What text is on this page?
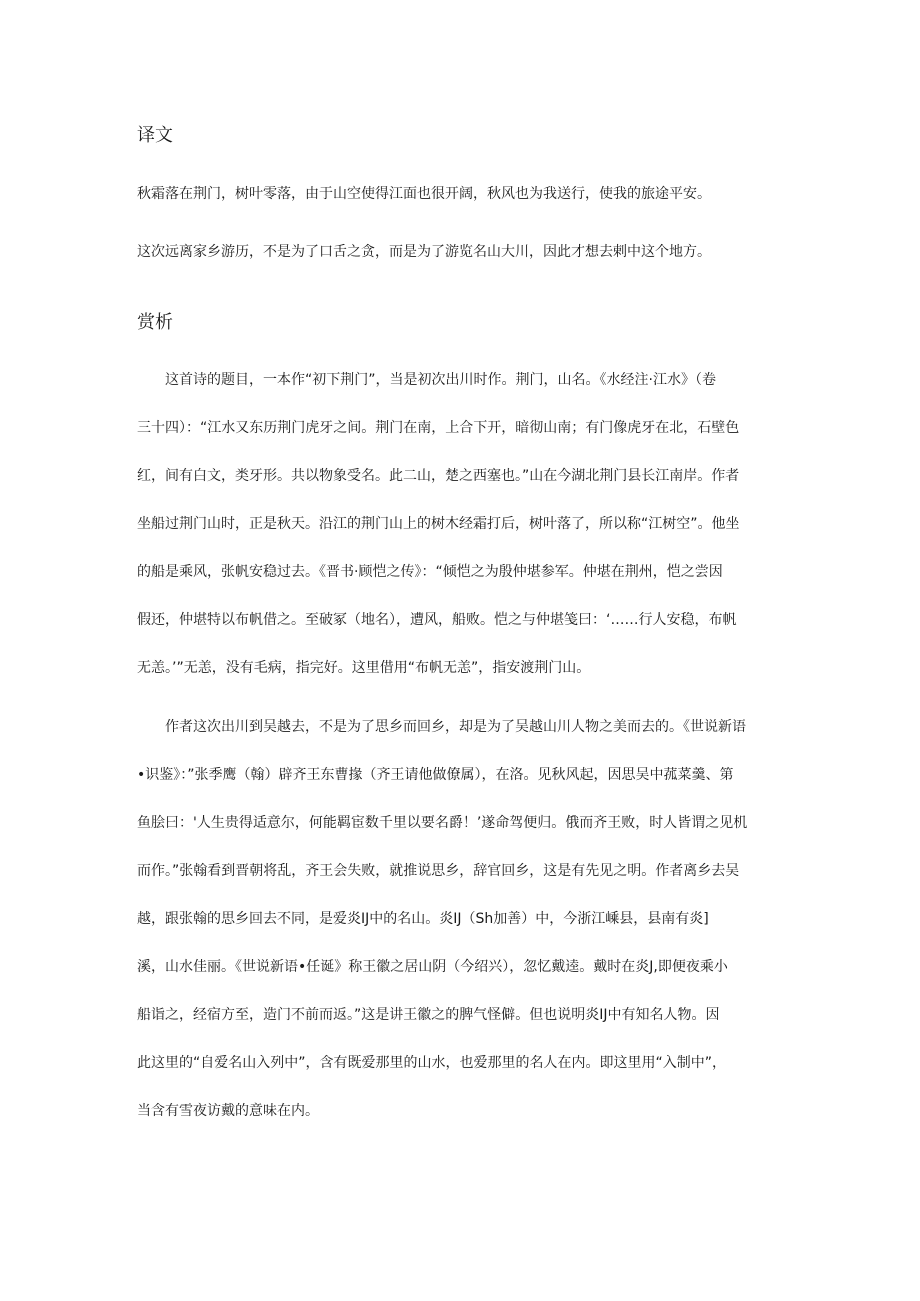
译文
秋霜落在荆门，树叶零落，由于山空使得江面也很开阔，秋风也为我送行，使我的旅途平安。
这次远离家乡游历，不是为了口舌之贪，而是为了游览名山大川，因此才想去剌中这个地方。
赏析
　　这首诗的题目，一本作“初下荆门”，当是初次出川时作。荆门，山名。《水经注·江水》（卷
三十四）：“江水又东历荆门虎牙之间。荆门在南，上合下开，暗彻山南；有门像虎牙在北，石壁色
红，间有白文，类牙形。共以物象受名。此二山，楚之西塞也。”山在今湖北荆门县长江南岸。作者
坐船过荆门山时，正是秋天。沿江的荆门山上的树木经霜打后，树叶落了，所以称“江树空”。他坐
的船是乘风，张帆安稳过去。《晋书·顾恺之传》：“倾恺之为殷仲堪参军。仲堪在荆州，恺之尝因
假还，仲堪特以布帆借之。至破冢（地名），遭风，船败。恺之与仲堪笺曰：‘……行人安稳，布帆
无恙。’”无恙，没有毛病，指完好。这里借用“布帆无恙”，指安渡荆门山。
　　作者这次出川到吴越去，不是为了思乡而回乡，却是为了吴越山川人物之美而去的。《世说新语
•识鉴》：”张季鹰（翰）辟齐王东曹掾（齐王请他做僚属），在洛。见秋风起，因思吴中菰菜羹、第
鱼脍曰：'人生贵得适意尔，何能羁宦数千里以要名爵！’遂命驾便归。俄而齐王败，时人皆谓之见机
而作。”张翰看到晋朝将乱，齐王会失败，就推说思乡，辞官回乡，这是有先见之明。作者离乡去吴
越，跟张翰的思乡回去不同，是爱炎IJ中的名山。炎IJ（Sh加善）中，今浙江嵊县，县南有炎]
溪，山水佳丽。《世说新语•任诞》称王徽之居山阴（今绍兴），忽忆戴逵。戴时在炎J,即便夜乘小
船诣之，经宿方至，造门不前而返。”这是讲王徽之的脾气怪僻。但也说明炎IJ中有知名人物。因
此这里的“自爱名山入列中”，含有既爱那里的山水，也爱那里的名人在内。即这里用“入制中”，
当含有雪夜访戴的意味在内。
